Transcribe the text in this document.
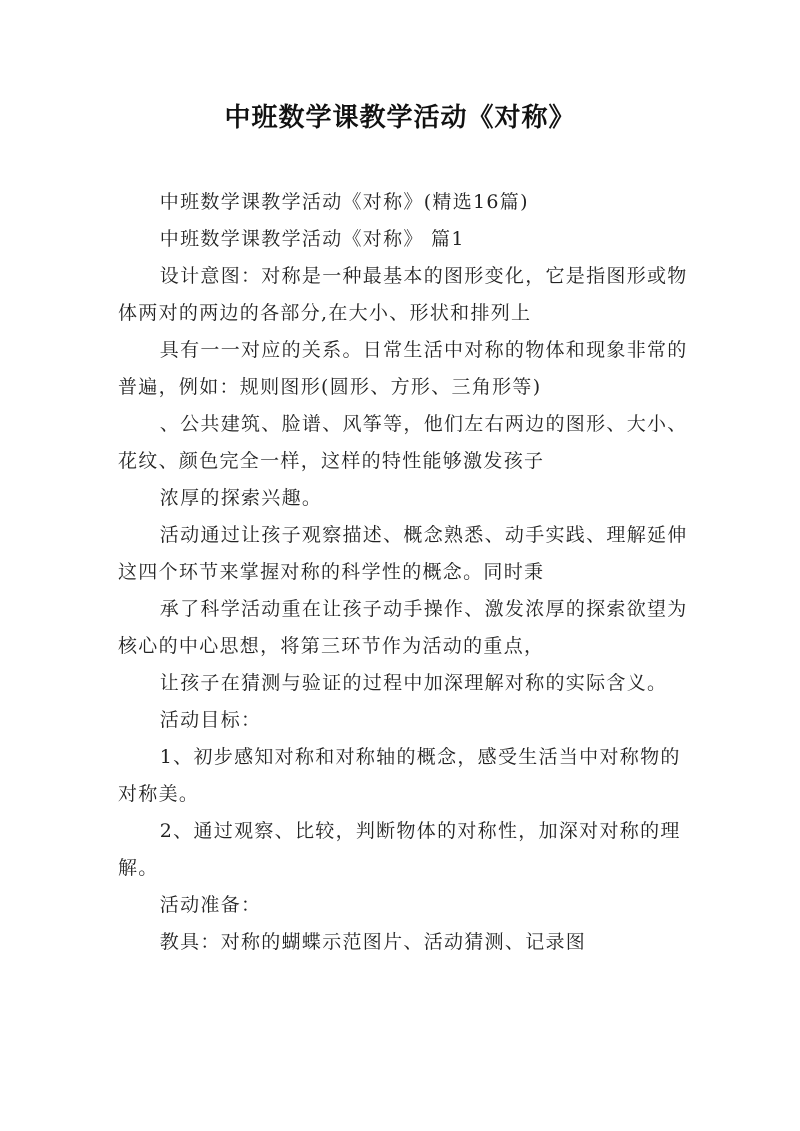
中班数学课教学活动《对称》

中班数学课教学活动《对称》(精选16篇)

中班数学课教学活动《对称》 篇1

设计意图：对称是一种最基本的图形变化，它是指图形或物体两对的两边的各部分,在大小、形状和排列上

具有一一对应的关系。日常生活中对称的物体和现象非常的普遍，例如：规则图形(圆形、方形、三角形等)

、公共建筑、脸谱、风筝等，他们左右两边的图形、大小、花纹、颜色完全一样，这样的特性能够激发孩子

浓厚的探索兴趣。

活动通过让孩子观察描述、概念熟悉、动手实践、理解延伸这四个环节来掌握对称的科学性的概念。同时秉

承了科学活动重在让孩子动手操作、激发浓厚的探索欲望为核心的中心思想，将第三环节作为活动的重点，

让孩子在猜测与验证的过程中加深理解对称的实际含义。

活动目标：

1、初步感知对称和对称轴的概念，感受生活当中对称物的对称美。

2、通过观察、比较，判断物体的对称性，加深对对称的理解。

活动准备：

教具：对称的蝴蝶示范图片、活动猜测、记录图
